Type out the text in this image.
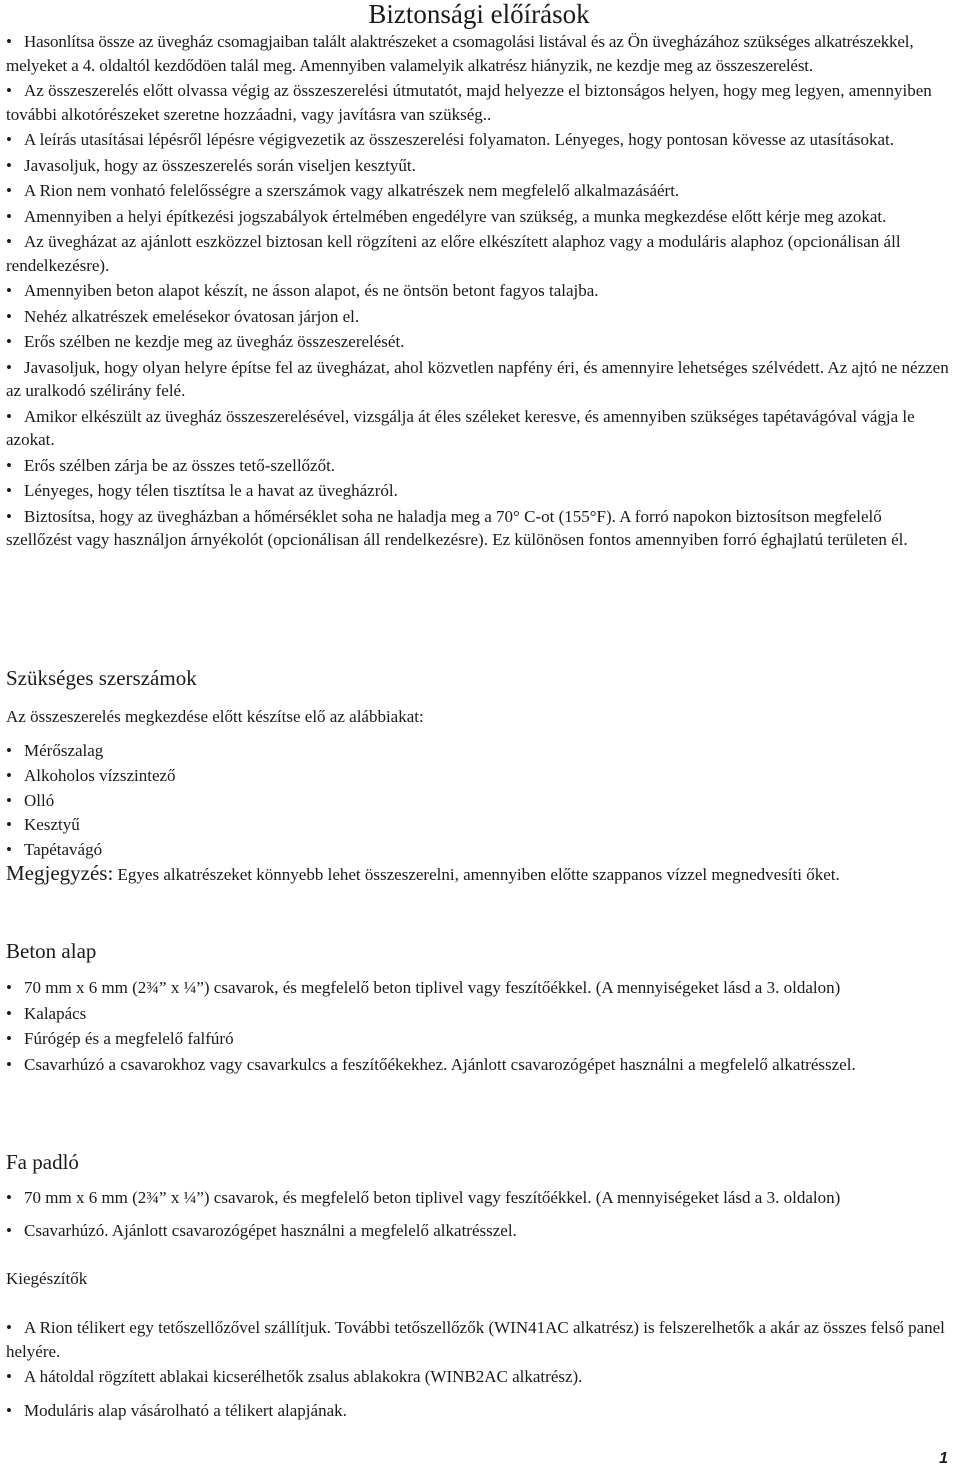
Biztonsági előírások
• Hasonlítsa össze az üvegház csomagjaiban talált alaktrészeket a csomagolási listával és az Ön üvegházához szükséges alkatrészekkel, melyeket a 4. oldaltól kezdődöen talál meg. Amennyiben valamelyik alkatrész hiányzik, ne kezdje meg az összeszerelést.
• Az összeszerelés előtt olvassa végig az összeszerelési útmutatót, majd helyezze el biztonságos helyen, hogy meg legyen, amennyiben további alkotórészeket szeretne hozzáadni, vagy javításra van szükség..
• A leírás utasításai lépésről lépésre végigvezetik az összeszerelési folyamaton. Lényeges, hogy pontosan kövesse az utasításokat.
• Javasoljuk, hogy az összeszerelés során viseljen kesztyűt.
• A Rion nem vonható felelősségre a szerszámok vagy alkatrészek nem megfelelő alkalmazásáért.
• Amennyiben a helyi építkezési jogszabályok értelmében engedélyre van szükség, a munka megkezdése előtt kérje meg azokat.
• Az üvegházat az ajánlott eszközzel biztosan kell rögzíteni az előre elkészített alaphoz vagy a moduláris alaphoz (opcionálisan áll rendelkezésre).
• Amennyiben beton alapot készít, ne ásson alapot, és ne öntsön betont fagyos talajba.
• Nehéz alkatrészek emelésekor óvatosan járjon el.
• Erős szélben ne kezdje meg az üvegház összeszerelését.
• Javasoljuk, hogy olyan helyre építse fel az üvegházat, ahol közvetlen napfény éri, és amennyire lehetséges szélvédett. Az ajtó ne nézzen az uralkodó szélirány felé.
• Amikor elkészült az üvegház összeszerelésével, vizsgálja át éles széleket keresve, és amennyiben szükséges tapétavágóval vágja le azokat.
• Erős szélben zárja be az összes tető-szellőzőt.
• Lényeges, hogy télen tisztítsa le a havat az üvegházról.
• Biztosítsa, hogy az üvegházban a hőmérséklet soha ne haladja meg a 70° C-ot (155°F). A forró napokon biztosítson megfelelő szellőzést vagy használjon árnyékolót (opcionálisan áll rendelkezésre). Ez különösen fontos amennyiben forró éghajlatú területen él.
Szükséges szerszámok

Az összeszerelés megkezdése előtt készítse elő az alábbiakat:

• Mérőszalag
• Alkoholos vízszintező
• Olló
• Kesztyű
• Tapétavágó

Megjegyzés: Egyes alkatrészeket könnyebb lehet összeszerelni, amennyiben előtte szappanos vízzel megnedvesíti őket.

Beton alap
• 70 mm x 6 mm (2¾” x ¼”) csavarok, és megfelelő beton tiplivel vagy feszítőékkel. (A mennyiségeket lásd a 3. oldalon)
• Kalapács
• Fúrógép és a megfelelő falfúró
• Csavarhúzó a csavarokhoz vagy csavarkulcs a feszítőékekhez. Ajánlott csavarozógépet használni a megfelelő alkatrésszel.
Fa padló
• 70 mm x 6 mm (2¾” x ¼”) csavarok, és megfelelő beton tiplivel vagy feszítőékkel. (A mennyiségeket lásd a 3. oldalon)
• Csavarhúzó. Ajánlott csavarozógépet használni a megfelelő alkatrésszel.

Kiegészítők

• A Rion télikert egy tetőszellőzővel szállítjuk. További tetőszellőzők (WIN41AC alkatrész) is felszerelhetők a akár az összes felső panel helyére.
• A hátoldal rögzített ablakai kicserélhetők zsalus ablakokra (WINB2AC alkatrész).
• Moduláris alap vásárolható a télikert alapjának.
1
